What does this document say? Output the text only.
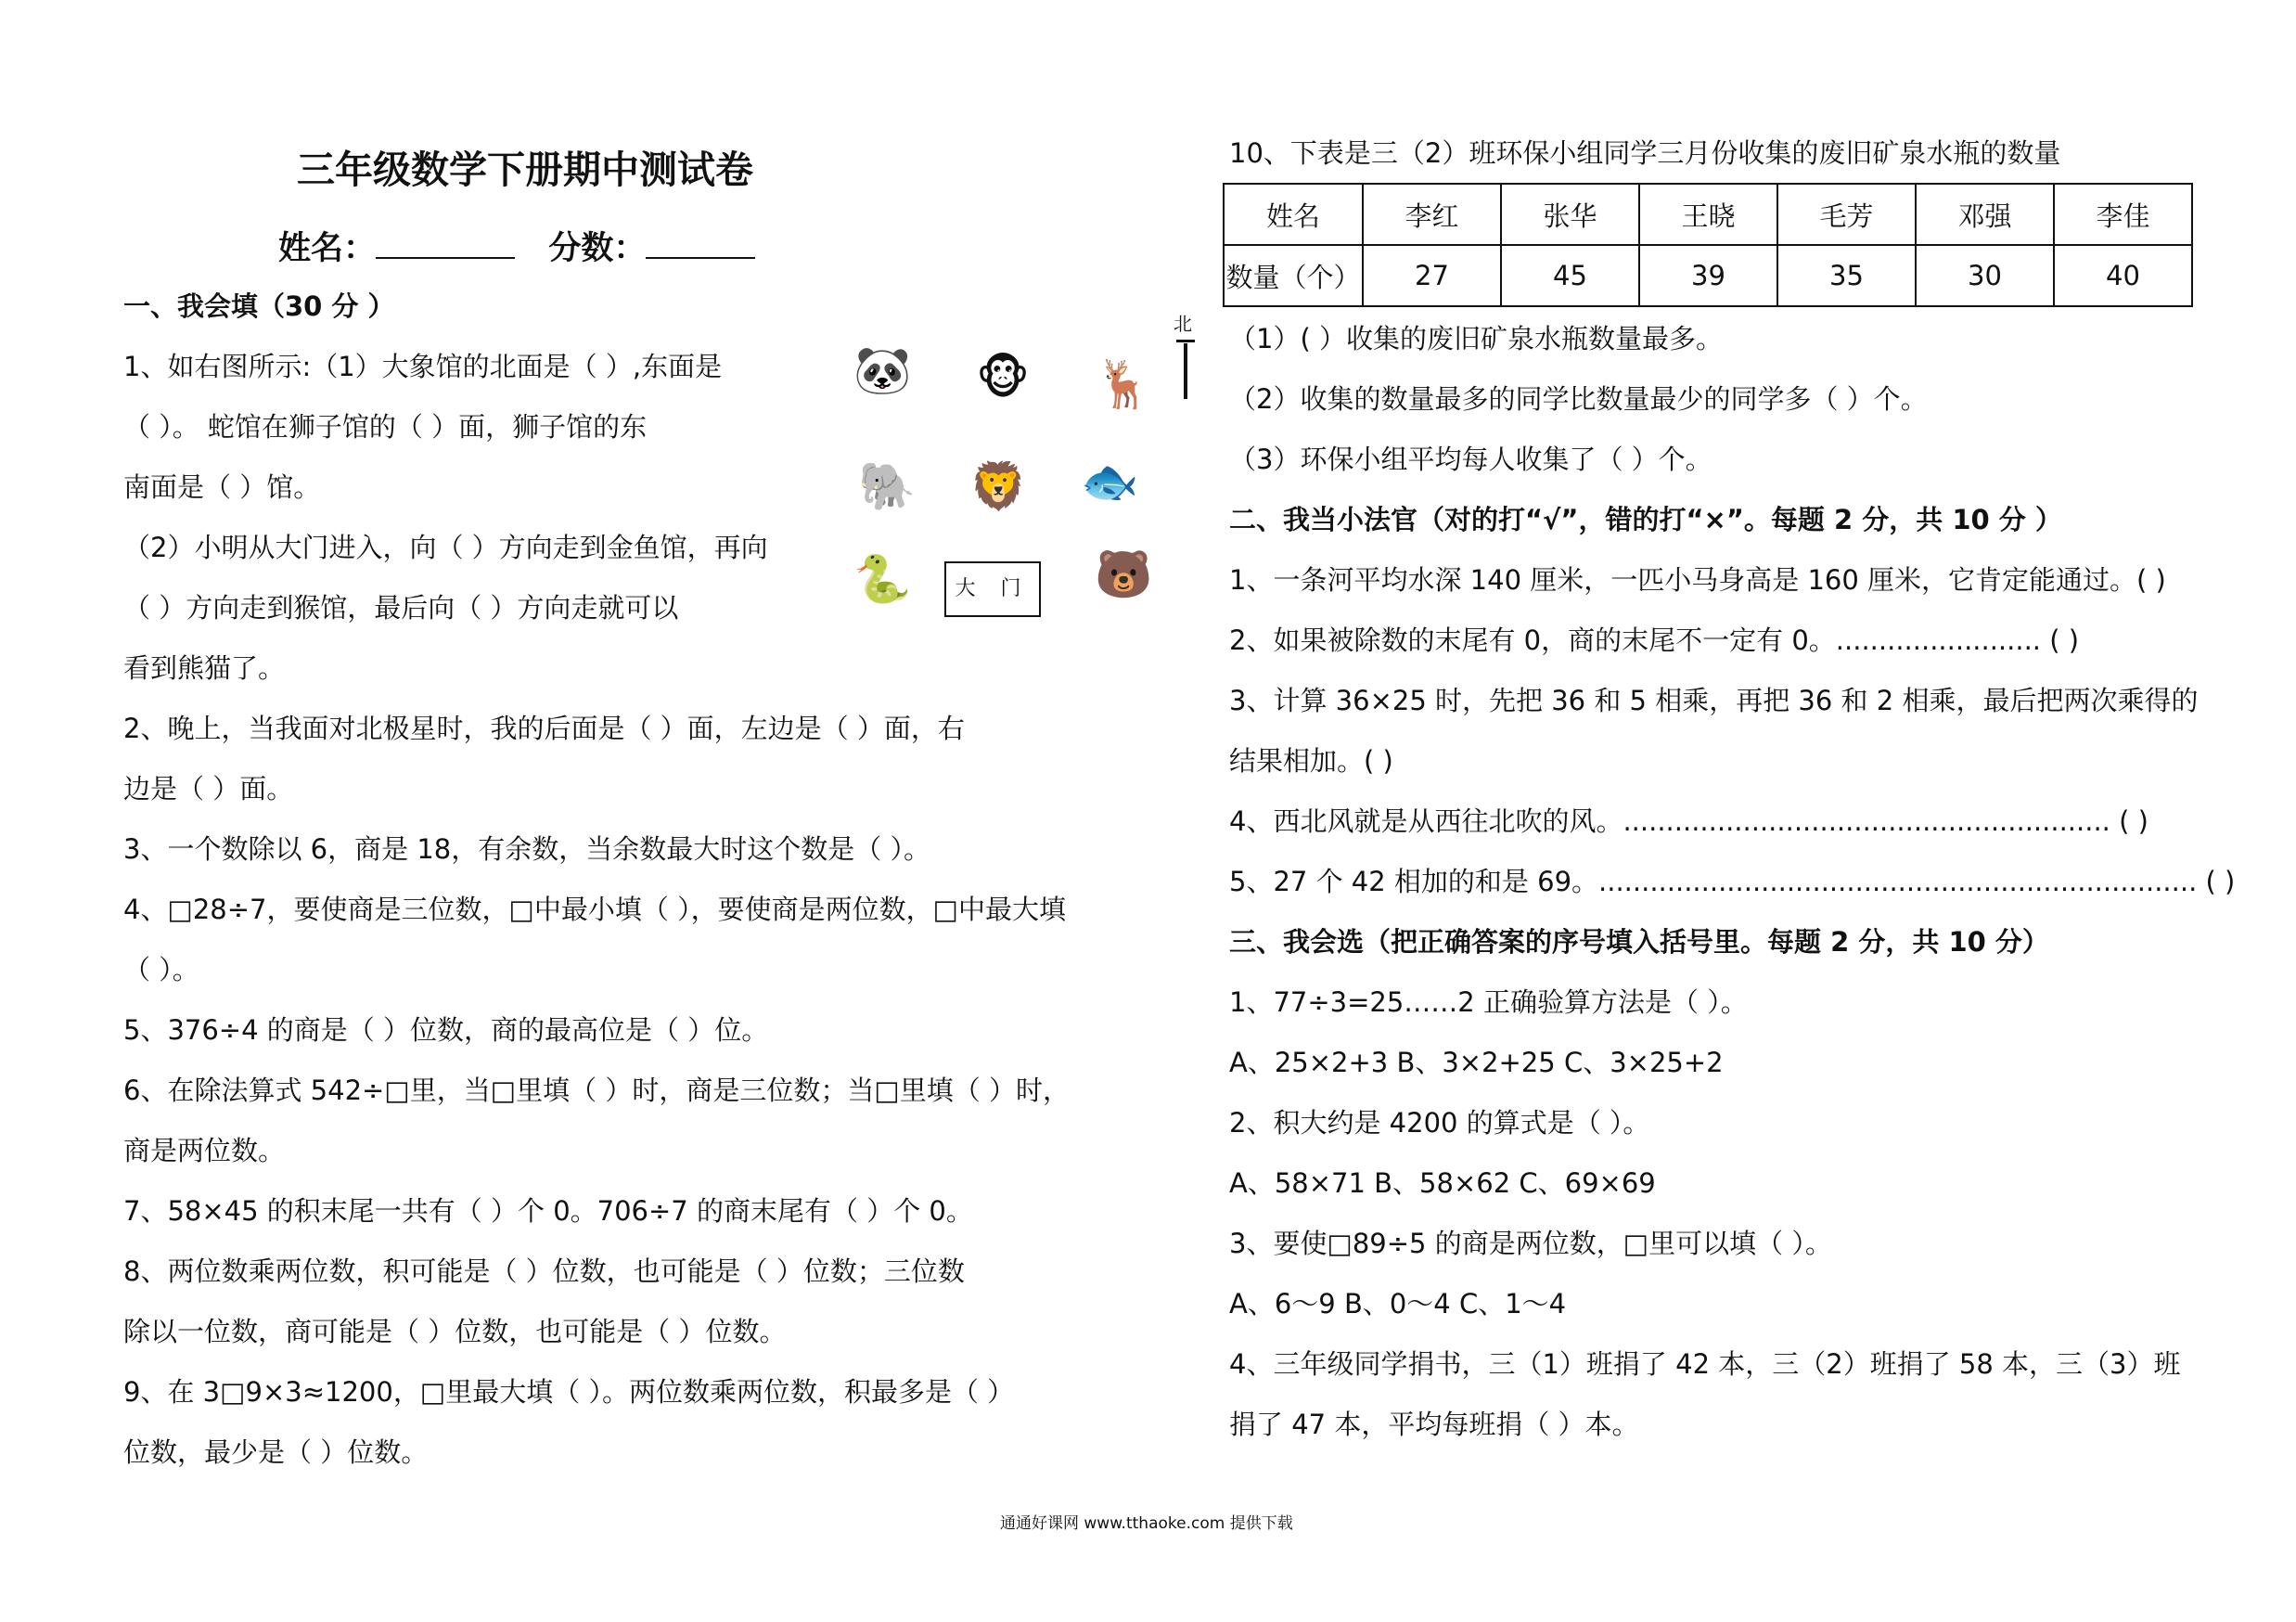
三年级数学下册期中测试卷
姓名：	分数：
一、我会填（30 分 ）
1、如右图所示:（1）大象馆的北面是（ ）,东面是
（ ）。 蛇馆在狮子馆的（ ）面，狮子馆的东
南面是（ ）馆。
（2）小明从大门进入，向（ ）方向走到金鱼馆，再向
（ ）方向走到猴馆，最后向（ ）方向走就可以
看到熊猫了。
2、晚上，当我面对北极星时，我的后面是（ ）面，左边是（ ）面，右
边是（ ）面。
3、一个数除以 6，商是 18，有余数，当余数最大时这个数是（ ）。
4、□28÷7，要使商是三位数，□中最小填（ ），要使商是两位数，□中最大填
（ ）。
5、376÷4 的商是（ ）位数，商的最高位是（ ）位。
6、在除法算式 542÷□里，当□里填（ ）时，商是三位数；当□里填（ ）时，
商是两位数。
7、58×45 的积末尾一共有（ ）个 0。706÷7 的商末尾有（ ）个 0。
8、两位数乘两位数，积可能是（ ）位数，也可能是（ ）位数；三位数
除以一位数，商可能是（ ）位数，也可能是（ ）位数。
9、在 3□9×3≈1200，□里最大填（ ）。两位数乘两位数，积最多是（ ）
位数，最少是（ ）位数。
🐼 🐵 🦌
🐘 🦁 🐟
🐍	🐻
大 门
北
10、下表是三（2）班环保小组同学三月份收集的废旧矿泉水瓶的数量
（1）( ）收集的废旧矿泉水瓶数量最多。
（2）收集的数量最多的同学比数量最少的同学多（ ）个。
（3）环保小组平均每人收集了（ ）个。
二、我当小法官（对的打“√”，错的打“×”。每题 2 分，共 10 分 ）
1、一条河平均水深 140 厘米，一匹小马身高是 160 厘米，它肯定能通过。( )
2、如果被除数的末尾有 0，商的末尾不一定有 0。........................ ( )
3、计算 36×25 时，先把 36 和 5 相乘，再把 36 和 2 相乘，最后把两次乘得的
结果相加。( )
4、西北风就是从西往北吹的风。......................................................... ( )
5、27 个 42 相加的和是 69。...................................................................... ( )
三、我会选（把正确答案的序号填入括号里。每题 2 分，共 10 分）
1、77÷3=25……2 正确验算方法是（ ）。
A、25×2+3 B、3×2+25 C、3×25+2
2、积大约是 4200 的算式是（ ）。
A、58×71 B、58×62 C、69×69
3、要使□89÷5 的商是两位数，□里可以填（ ）。
A、6～9 B、0～4 C、1～4
4、三年级同学捐书，三（1）班捐了 42 本，三（2）班捐了 58 本，三（3）班
捐了 47 本，平均每班捐（ ）本。
姓名	李红	张华	王晓	毛芳	邓强	李佳
数量（个）	27	45	39	35	30	40
通通好课网 www.tthaoke.com 提供下载
